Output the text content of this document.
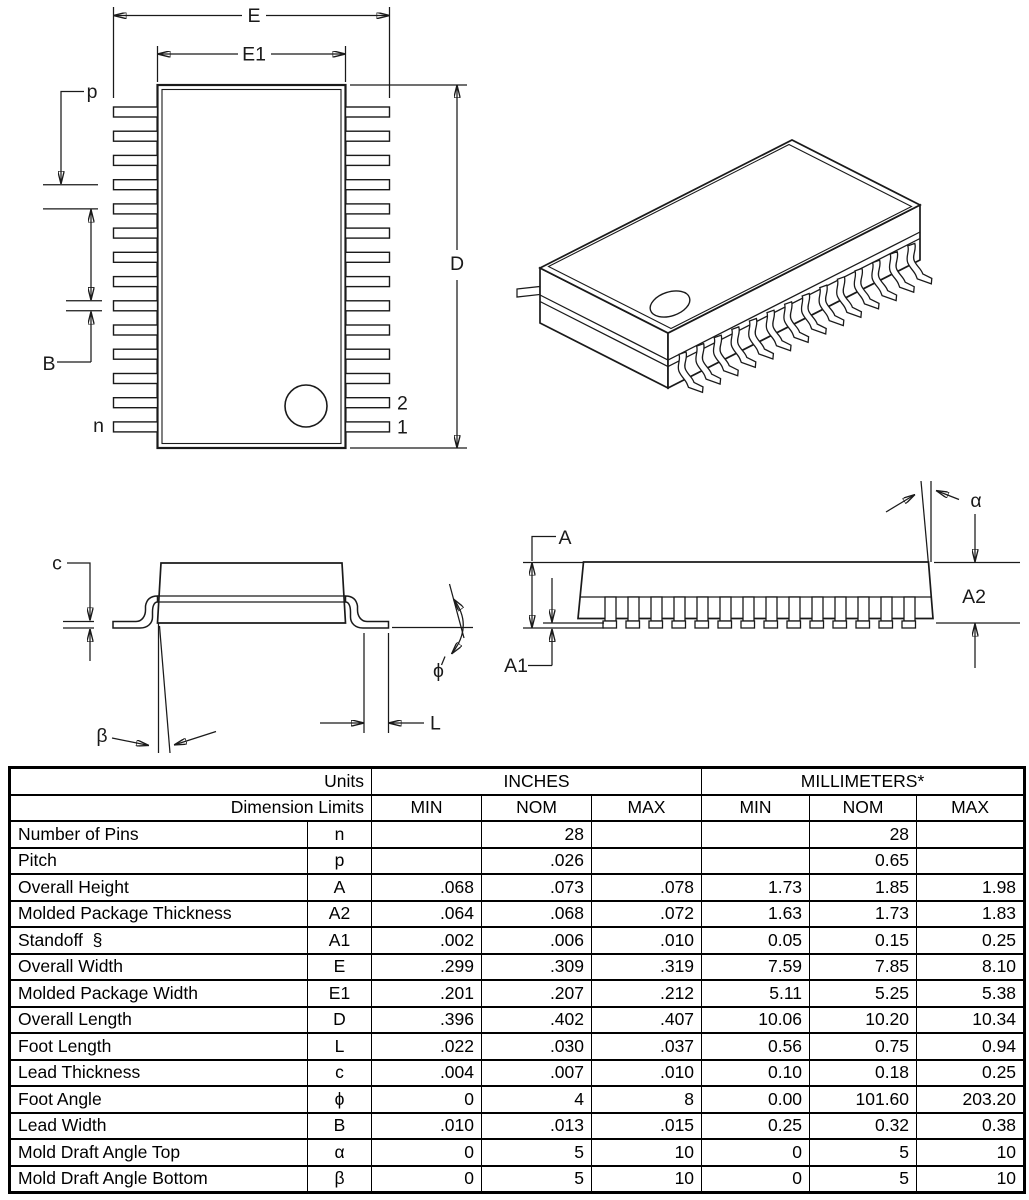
E
E1
D
p
B
n
2
1
β
c
ϕ
L
α
A
A1
A2
Units		INCHES			MILLIMETERS*		
Dimension Limits		MIN	NOM	MAX	MIN	NOM	MAX
Number of Pins	n		28			28	
Pitch	p		.026			0.65	
Overall Height	A	.068	.073	.078	1.73	1.85	1.98
Molded Package Thickness	A2	.064	.068	.072	1.63	1.73	1.83
Standoff  §	A1	.002	.006	.010	0.05	0.15	0.25
Overall Width	E	.299	.309	.319	7.59	7.85	8.10
Molded Package Width	E1	.201	.207	.212	5.11	5.25	5.38
Overall Length	D	.396	.402	.407	10.06	10.20	10.34
Foot Length	L	.022	.030	.037	0.56	0.75	0.94
Lead Thickness	c	.004	.007	.010	0.10	0.18	0.25
Foot Angle	ϕ	0	4	8	0.00	101.60	203.20
Lead Width	B	.010	.013	.015	0.25	0.32	0.38
Mold Draft Angle Top	α	0	5	10	0	5	10
Mold Draft Angle Bottom	β	0	5	10	0	5	10
